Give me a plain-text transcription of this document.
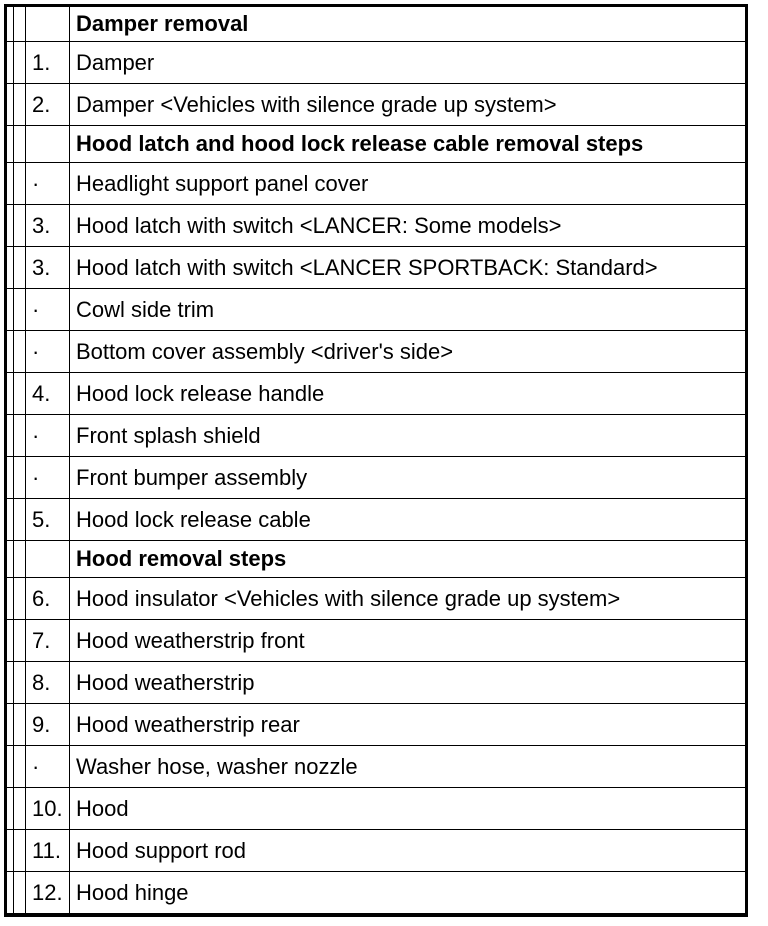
			Damper removal
		1.	Damper
		2.	Damper <Vehicles with silence grade up system>
			Hood latch and hood lock release cable removal steps
		·	Headlight support panel cover
		3.	Hood latch with switch <LANCER: Some models>
		3.	Hood latch with switch <LANCER SPORTBACK: Standard>
		·	Cowl side trim
		·	Bottom cover assembly <driver's side>
		4.	Hood lock release handle
		·	Front splash shield
		·	Front bumper assembly
		5.	Hood lock release cable
			Hood removal steps
		6.	Hood insulator <Vehicles with silence grade up system>
		7.	Hood weatherstrip front
		8.	Hood weatherstrip
		9.	Hood weatherstrip rear
		·	Washer hose, washer nozzle
		10.	Hood
		11.	Hood support rod
		12.	Hood hinge
